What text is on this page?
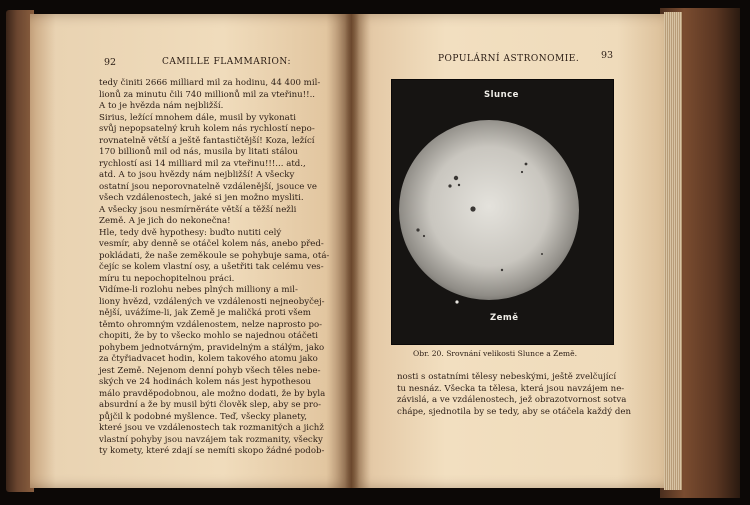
92	CAMILLE FLAMMARION:
tedy činiti 2666 milliard mil za hodinu, 44 400 mil-
lionů za minutu čili 740 millionů mil za vteřinu!!..
A to je hvězda nám nejbližší.
Sirius, ležící mnohem dále, musil by vykonati
svůj nepopsatelný kruh kolem nás rychlostí nepo-
rovnatelně větší a ještě fantastičtější! Koza, ležící
170 billionů mil od nás, musila by litati stálou
rychlostí asi 14 milliard mil za vteřinu!!!... atd.,
atd. A to jsou hvězdy nám nejbližší! A všecky
ostatní jsou neporovnatelně vzdálenější, jsouce ve
všech vzdálenostech, jaké si jen možno mysliti.
A všecky jsou nesmírněráte větší a těžší nežli
Země. A je jich do nekonečna!
Hle, tedy dvě hypothesy: buďto nutiti celý
vesmír, aby denně se otáčel kolem nás, anebo před-
pokládati, že naše zeměkoule se pohybuje sama, otá-
čejíc se kolem vlastní osy, a ušetřiti tak celému ves-
míru tu nepochopitelnou práci.
Vidíme-li rozlohu nebes plných milliony a mil-
liony hvězd, vzdálených ve vzdálenosti nejneobyčej-
nější, uvážíme-li, jak Země je maličká proti všem
těmto ohromným vzdálenostem, nelze naprosto po-
chopiti, že by to všecko mohlo se najednou otáčeti
pohybem jednotvárným, pravidelným a stálým, jako
za čtyřiadvacet hodin, kolem takového atomu jako
jest Země. Nejenom denní pohyb všech těles nebe-
ských ve 24 hodinách kolem nás jest hypothesou
málo pravděpodobnou, ale možno dodati, že by byla
absurdní a že by musil býti člověk slep, aby se pro-
půjčil k podobné myšlence. Teď, všecky planety,
které jsou ve vzdálenostech tak rozmanitých a jichž
vlastní pohyby jsou navzájem tak rozmanity, všecky
ty komety, které zdají se nemíti skopo žádné podob-
POPULÁRNÍ ASTRONOMIE. 93
Slunce
Země
Obr. 20. Srovnání velikosti Slunce a Země.
nosti s ostatními tělesy nebeskými, ještě zvelčující
tu nesnáz. Všecka ta tělesa, která jsou navzájem ne-
závislá, a ve vzdálenostech, jež obrazotvornost sotva
chápe, sjednotila by se tedy, aby se otáčela každý den
